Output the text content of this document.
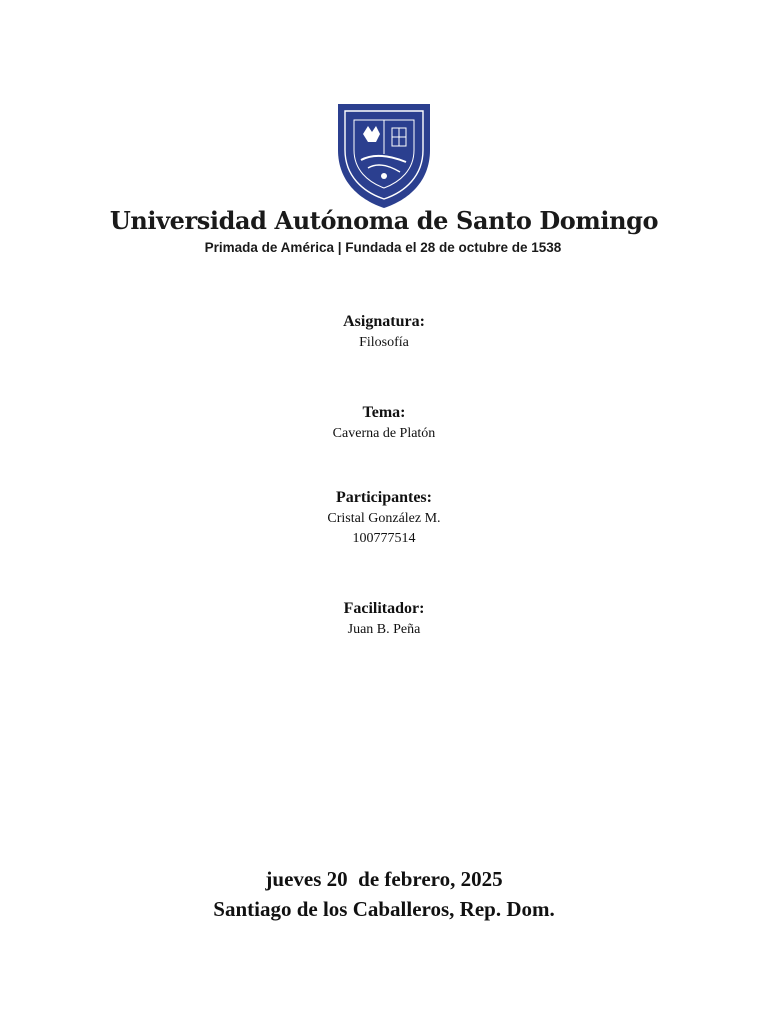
Universidad Autónoma de Santo Domingo
Primada de América | Fundada el 28 de octubre de 1538
Asignatura:
Filosofía
Tema:
Caverna de Platón
Participantes:
Cristal González M.
100777514
Facilitador:
Juan B. Peña
jueves 20  de febrero, 2025
Santiago de los Caballeros, Rep. Dom.
